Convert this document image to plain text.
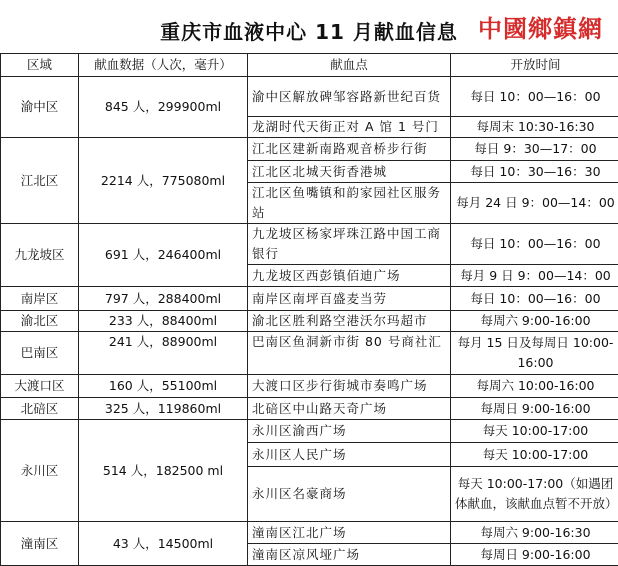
重庆市血液中心 11 月献血信息 中國鄉鎮網
区域	献血数据（人次，毫升）	献血点	开放时间
渝中区	845 人，299900ml	渝中区解放碑邹容路新世纪百货	每日 10：00—16：00
		龙湖时代天街正对 A 馆 1 号门	每周末 10:30-16:30
江北区	2214 人，775080ml	江北区建新南路观音桥步行街	每日 9：30—17：00
		江北区北城天街香港城	每日 10：30—16：30
		江北区鱼嘴镇和韵家园社区服务站	每月 24 日 9：00—14：00
九龙坡区	691 人，246400ml	九龙坡区杨家坪珠江路中国工商银行	每日 10：00—16：00
		九龙坡区西彭镇佰迪广场	每月 9 日 9：00—14：00
南岸区	797 人，288400ml	南岸区南坪百盛麦当劳	每日 10：00—16：00
渝北区	233 人，88400ml	渝北区胜利路空港沃尔玛超市	每周六 9:00-16:00
巴南区	241 人，88900ml	巴南区鱼洞新市街 80 号商社汇	每月 15 日及每周日 10:00-16:00
大渡口区	160 人，55100ml	大渡口区步行街城市奏鸣广场	每周六 10:00-16:00
北碚区	325 人，119860ml	北碚区中山路天奇广场	每周日 9:00-16:00
永川区	514 人，182500 ml	永川区渝西广场	每天 10:00-17:00
		永川区人民广场	每天 10:00-17:00
		永川区名豪商场	每天 10:00-17:00（如遇团体献血，该献血点暂不开放）
潼南区	43 人，14500ml	潼南区江北广场	每周六 9:00-16:30
		潼南区凉风垭广场	每周日 9:00-16:00
